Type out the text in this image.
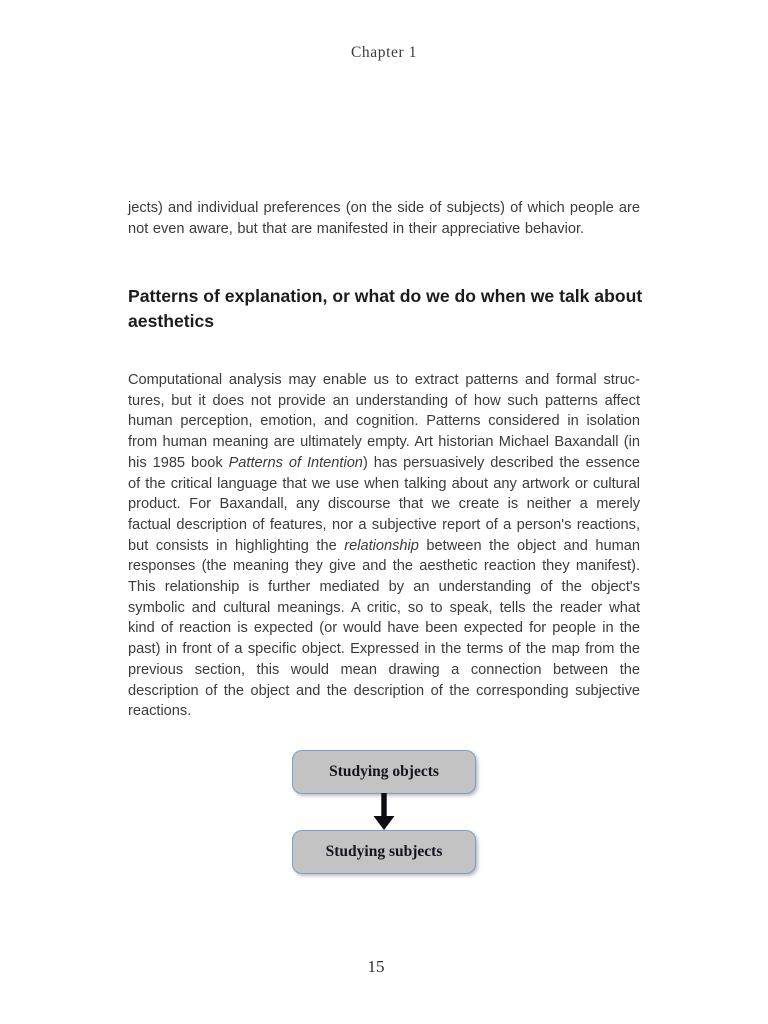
Chapter 1

jects) and individual preferences (on the side of subjects) of which people are not even aware, but that are manifested in their appreciative behavior.

Patterns of explanation, or what do we do when we talk about aesthetics

Computational analysis may enable us to extract patterns and formal structures, but it does not provide an understanding of how such patterns affect human perception, emotion, and cognition. Patterns considered in isolation from human meaning are ultimately empty. Art historian Michael Baxandall (in his 1985 book Patterns of Intention) has persuasively described the essence of the critical language that we use when talking about any artwork or cultural product. For Baxandall, any discourse that we create is neither a merely factual description of features, nor a subjective report of a person's reactions, but consists in highlighting the relationship between the object and human responses (the meaning they give and the aesthetic reaction they manifest). This relationship is further mediated by an understanding of the object's symbolic and cultural meanings. A critic, so to speak, tells the reader what kind of reaction is expected (or would have been expected for people in the past) in front of a specific object. Expressed in the terms of the map from the previous section, this would mean drawing a connection between the description of the object and the description of the corresponding subjective reactions.

Studying objects
Studying subjects
15
